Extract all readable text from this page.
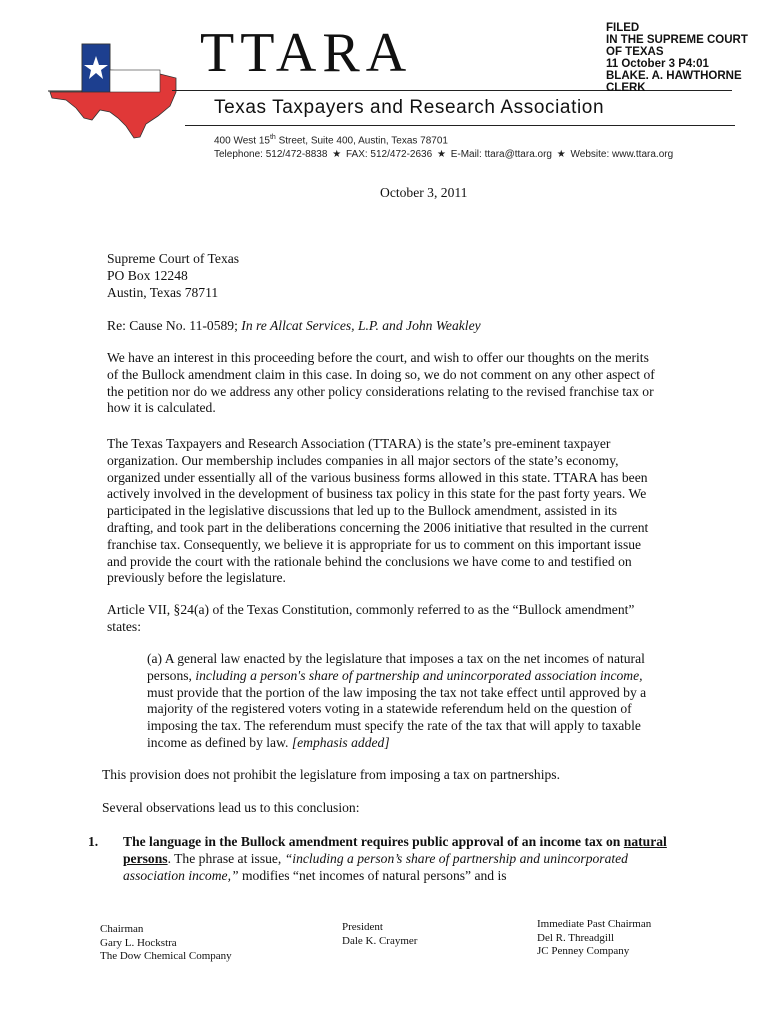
TTARA
Texas Taxpayers and Research Association
400 West 15th Street, Suite 400, Austin, Texas 78701
Telephone: 512/472-8838 ★ FAX: 512/472-2636 ★ E-Mail: ttara@ttara.org ★ Website: www.ttara.org
FILED
IN THE SUPREME COURT
OF TEXAS
11 October 3 P4:01
BLAKE. A. HAWTHORNE
CLERK
October 3, 2011
Supreme Court of Texas
PO Box 12248
Austin, Texas 78711
Re: Cause No. 11-0589; In re Allcat Services, L.P. and John Weakley
We have an interest in this proceeding before the court, and wish to offer our thoughts on the merits of the Bullock amendment claim in this case. In doing so, we do not comment on any other aspect of the petition nor do we address any other policy considerations relating to the revised franchise tax or how it is calculated.
The Texas Taxpayers and Research Association (TTARA) is the state’s pre-eminent taxpayer organization. Our membership includes companies in all major sectors of the state’s economy, organized under essentially all of the various business forms allowed in this state. TTARA has been actively involved in the development of business tax policy in this state for the past forty years. We participated in the legislative discussions that led up to the Bullock amendment, assisted in its drafting, and took part in the deliberations concerning the 2006 initiative that resulted in the current franchise tax. Consequently, we believe it is appropriate for us to comment on this important issue and provide the court with the rationale behind the conclusions we have come to and testified on previously before the legislature.
Article VII, §24(a) of the Texas Constitution, commonly referred to as the “Bullock amendment” states:
(a) A general law enacted by the legislature that imposes a tax on the net incomes of natural persons, including a person's share of partnership and unincorporated association income, must provide that the portion of the law imposing the tax not take effect until approved by a majority of the registered voters voting in a statewide referendum held on the question of imposing the tax. The referendum must specify the rate of the tax that will apply to taxable income as defined by law. [emphasis added]
This provision does not prohibit the legislature from imposing a tax on partnerships.
Several observations lead us to this conclusion:
1. The language in the Bullock amendment requires public approval of an income tax on natural persons. The phrase at issue, “including a person’s share of partnership and unincorporated association income,” modifies “net incomes of natural persons” and is
Chairman
Gary L. Hockstra
The Dow Chemical Company
President
Dale K. Craymer
Immediate Past Chairman
Del R. Threadgill
JC Penney Company
